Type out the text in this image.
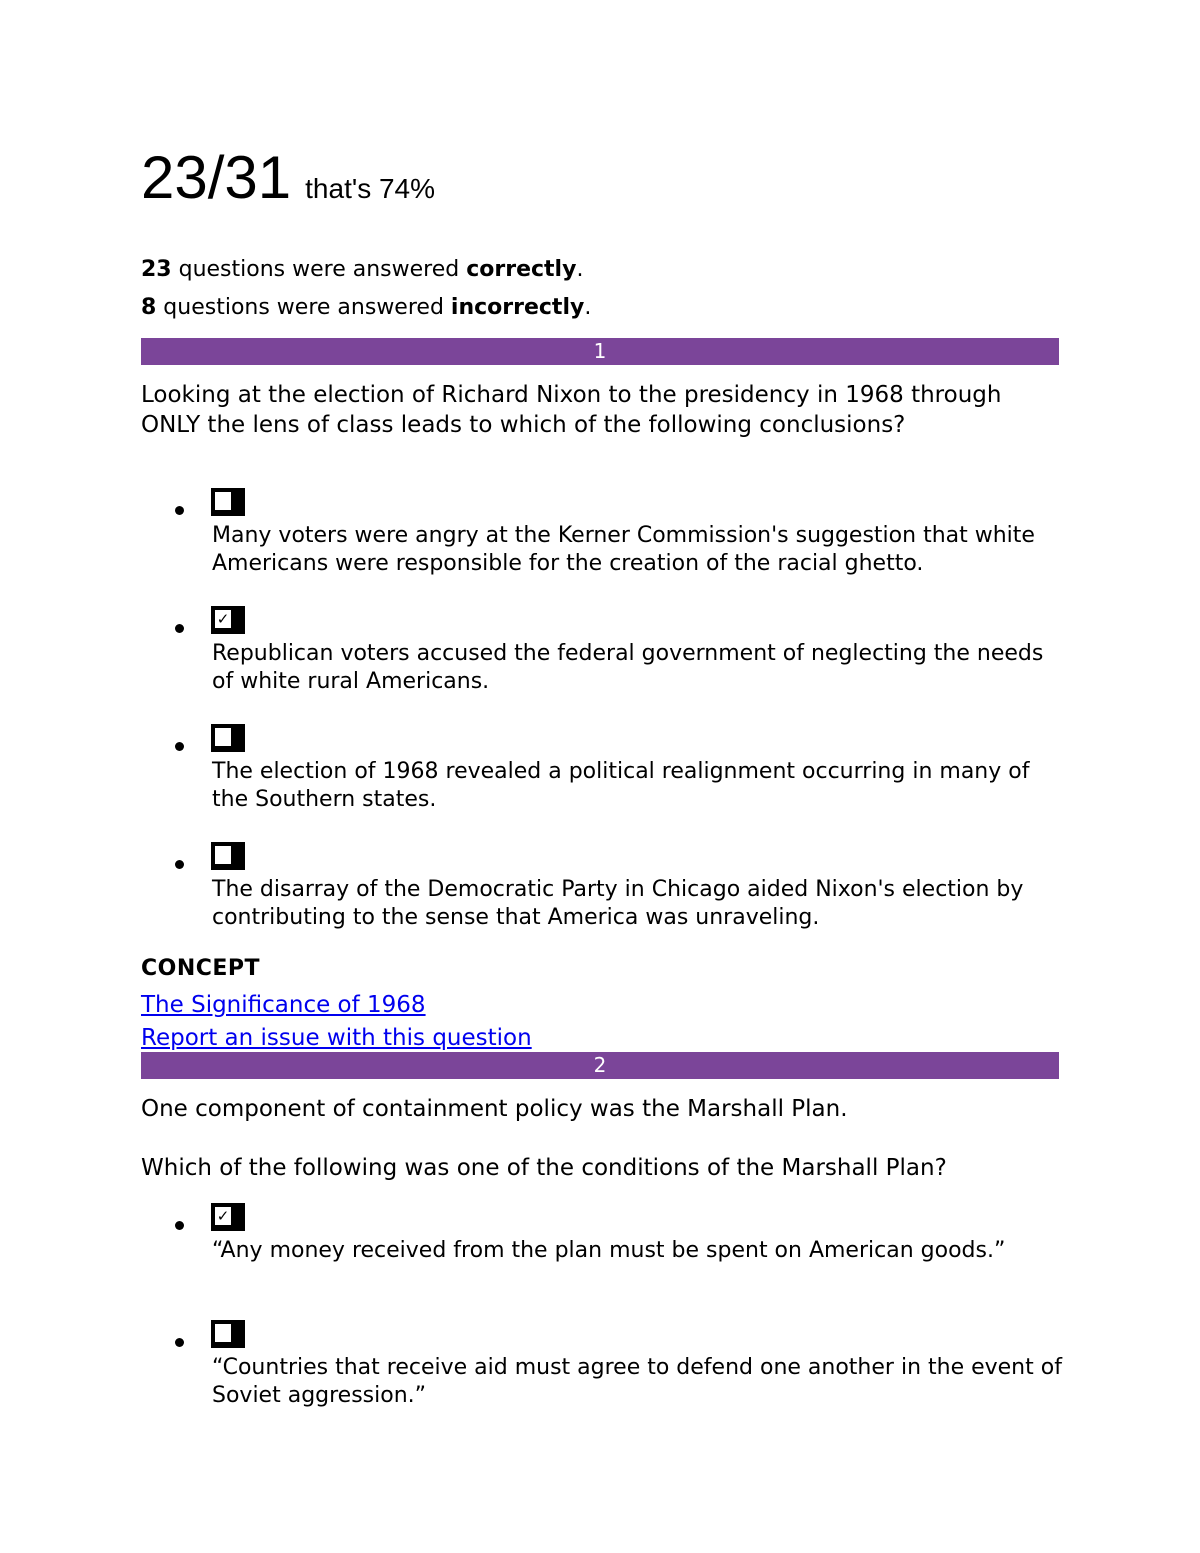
23/31 that's 74%
23 questions were answered correctly.
8 questions were answered incorrectly.
1
Looking at the election of Richard Nixon to the presidency in 1968 through ONLY the lens of class leads to which of the following conclusions?
Many voters were angry at the Kerner Commission's suggestion that white Americans were responsible for the creation of the racial ghetto.
✓
Republican voters accused the federal government of neglecting the needs of white rural Americans.
The election of 1968 revealed a political realignment occurring in many of the Southern states.
The disarray of the Democratic Party in Chicago aided Nixon's election by contributing to the sense that America was unraveling.
CONCEPT
The Significance of 1968
Report an issue with this question
2
One component of containment policy was the Marshall Plan.
Which of the following was one of the conditions of the Marshall Plan?
✓
“Any money received from the plan must be spent on American goods.”
“Countries that receive aid must agree to defend one another in the event of Soviet aggression.”
